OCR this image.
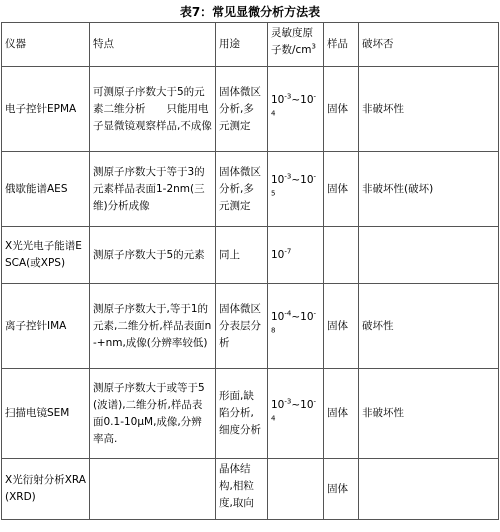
表7：常见显微分析方法表
仪器	特点	用途	灵敏度原子数$/cm^3$	样品	破坏否
电子控针EPMA	可测原子序数大于5的元素二维分析　　只能用电子显微镜观察样品,不成像	固体微区分析,多元测定	$10^{-3}\sim 10^{-4}$	固体	非破坏性
俄歇能谱AES	测原子序数大于等于3的元素样品表面1-2nm(三维)分析成像	固体微区分析,多元测定	$10^{-3}\sim 10^{-5}$	固体	非破坏性(破坏)
X光光电子能谱ESCA(或XPS)	测原子序数大于5的元素	同上	$10^{-7}$		
离子控针IMA	测原子序数大于,等于1的元素,二维分析,样品表面n-+nm,成像(分辨率较低)	固体微区分表层分析	$10^{-4}\sim 10^{-8}$	固体	破坏性
扫描电镜SEM	测原子序数大于或等于5(波谱),二维分析,样品表面0.1-10μM,成像,分辨率高.	形面,缺陷分析,细度分析	$10^{-3}\sim 10^{-4}$	固体	非破坏性
X光衍射分析XRA(XRD)		晶体结构,相粒度,取向		固体	
